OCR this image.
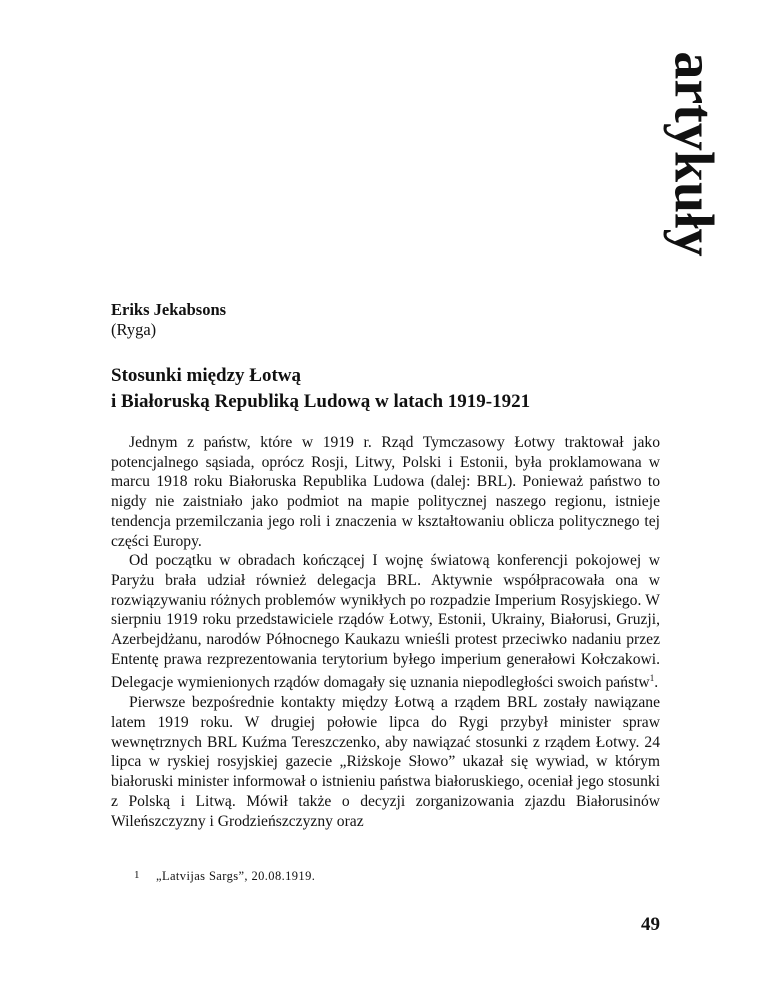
artykuły
Eriks Jekabsons
(Ryga)
Stosunki między Łotwą
i Białoruską Republiką Ludową w latach 1919-1921

Jednym z państw, które w 1919 r. Rząd Tymczasowy Łotwy traktował jako potencjalnego sąsiada, oprócz Rosji, Litwy, Polski i Estonii, była proklamowana w marcu 1918 roku Białoruska Republika Ludowa (dalej: BRL). Ponieważ państwo to nigdy nie zaistniało jako podmiot na mapie politycznej naszego regionu, istnieje tendencja przemilczania jego roli i znaczenia w kształtowaniu oblicza politycznego tej części Europy.

Od początku w obradach kończącej I wojnę światową konferencji pokojowej w Paryżu brała udział również delegacja BRL. Aktywnie współpracowała ona w rozwiązywaniu różnych problemów wynikłych po rozpadzie Imperium Rosyjskiego. W sierpniu 1919 roku przedstawiciele rządów Łotwy, Estonii, Ukrainy, Białorusi, Gruzji, Azerbejdżanu, narodów Północnego Kaukazu wnieśli protest przeciwko nadaniu przez Ententę prawa rezprezentowania terytorium byłego imperium generałowi Kołczakowi. Delegacje wymienionych rządów domagały się uznania niepodległości swoich państw$^1$.

Pierwsze bezpośrednie kontakty między Łotwą a rządem BRL zostały nawiązane latem 1919 roku. W drugiej połowie lipca do Rygi przybył minister spraw wewnętrznych BRL Kuźma Tereszczenko, aby nawiązać stosunki z rządem Łotwy. 24 lipca w ryskiej rosyjskiej gazecie „Riżskoje Słowo” ukazał się wywiad, w którym białoruski minister informował o istnieniu państwa białoruskiego, oceniał jego stosunki z Polską i Litwą. Mówił także o decyzji zorganizowania zjazdu Białorusinów Wileńszczyzny i Grodzieńszczyzny oraz

1 „Latvijas Sargs”, 20.08.1919.
49
